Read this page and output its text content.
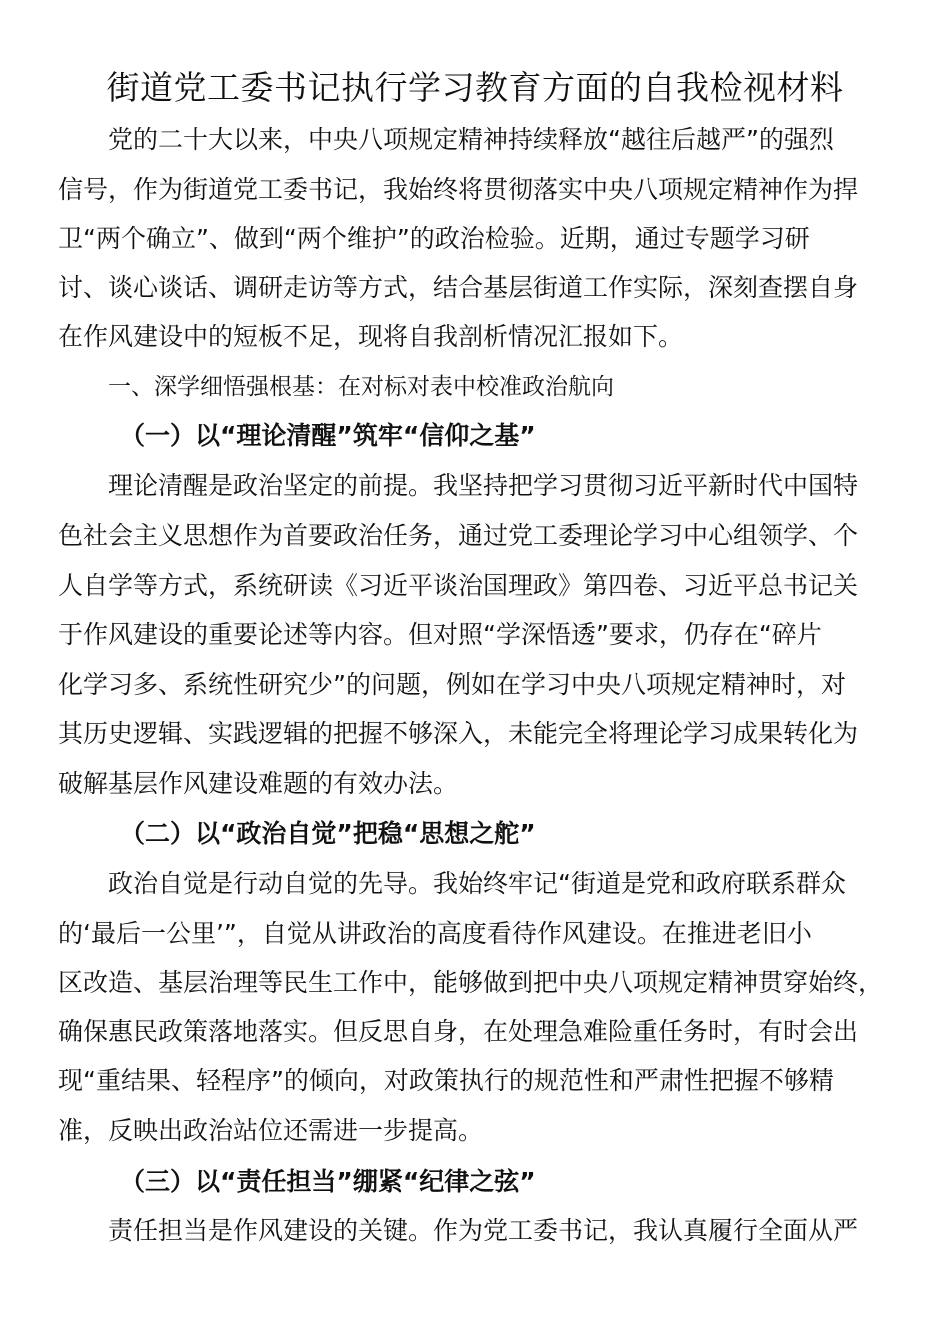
街道党工委书记执行学习教育方面的自我检视材料

党的二十大以来，中央八项规定精神持续释放“越往后越严”的强烈

信号，作为街道党工委书记，我始终将贯彻落实中央八项规定精神作为捍

卫“两个确立”、做到“两个维护”的政治检验。近期，通过专题学习研

讨、谈心谈话、调研走访等方式，结合基层街道工作实际，深刻查摆自身

在作风建设中的短板不足，现将自我剖析情况汇报如下。

一、深学细悟强根基：在对标对表中校准政治航向

（一）以“理论清醒”筑牢“信仰之基”

理论清醒是政治坚定的前提。我坚持把学习贯彻习近平新时代中国特

色社会主义思想作为首要政治任务，通过党工委理论学习中心组领学、个

人自学等方式，系统研读《习近平谈治国理政》第四卷、习近平总书记关

于作风建设的重要论述等内容。但对照“学深悟透”要求，仍存在“碎片

化学习多、系统性研究少”的问题，例如在学习中央八项规定精神时，对

其历史逻辑、实践逻辑的把握不够深入，未能完全将理论学习成果转化为

破解基层作风建设难题的有效办法。

（二）以“政治自觉”把稳“思想之舵”

政治自觉是行动自觉的先导。我始终牢记“街道是党和政府联系群众

的‘最后一公里’”，自觉从讲政治的高度看待作风建设。在推进老旧小

区改造、基层治理等民生工作中，能够做到把中央八项规定精神贯穿始终，

确保惠民政策落地落实。但反思自身，在处理急难险重任务时，有时会出

现“重结果、轻程序”的倾向，对政策执行的规范性和严肃性把握不够精

准，反映出政治站位还需进一步提高。

（三）以“责任担当”绷紧“纪律之弦”

责任担当是作风建设的关键。作为党工委书记，我认真履行全面从严
